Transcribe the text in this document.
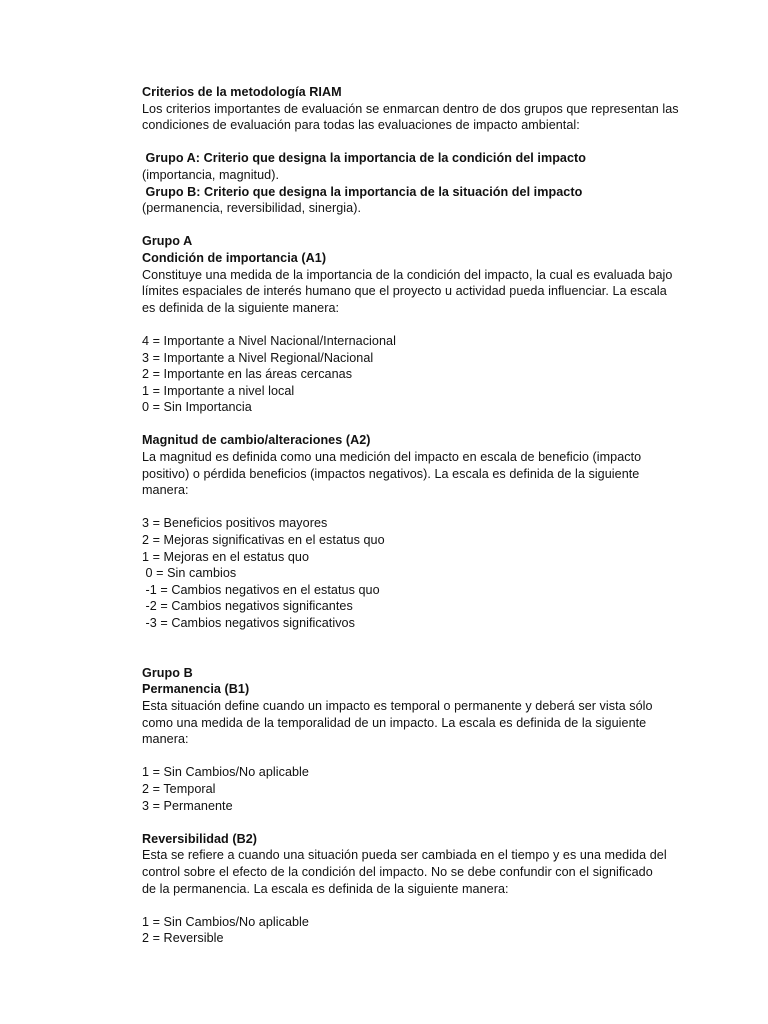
Criterios de la metodología RIAM
Los criterios importantes de evaluación se enmarcan dentro de dos grupos que representan las
condiciones de evaluación para todas las evaluaciones de impacto ambiental:
Grupo A: Criterio que designa la importancia de la condición del impacto
(importancia, magnitud).
Grupo B: Criterio que designa la importancia de la situación del impacto
(permanencia, reversibilidad, sinergia).
Grupo A
Condición de importancia (A1)
Constituye una medida de la importancia de la condición del impacto, la cual es evaluada bajo
límites espaciales de interés humano que el proyecto u actividad pueda influenciar. La escala
es definida de la siguiente manera:
4 = Importante a Nivel Nacional/Internacional
3 = Importante a Nivel Regional/Nacional
2 = Importante en las áreas cercanas
1 = Importante a nivel local
0 = Sin Importancia
Magnitud de cambio/alteraciones (A2)
La magnitud es definida como una medición del impacto en escala de beneficio (impacto
positivo) o pérdida beneficios (impactos negativos). La escala es definida de la siguiente
manera:
3 = Beneficios positivos mayores
2 = Mejoras significativas en el estatus quo
1 = Mejoras en el estatus quo
0 = Sin cambios
-1 = Cambios negativos en el estatus quo
-2 = Cambios negativos significantes
-3 = Cambios negativos significativos
Grupo B
Permanencia (B1)
Esta situación define cuando un impacto es temporal o permanente y deberá ser vista sólo
como una medida de la temporalidad de un impacto. La escala es definida de la siguiente
manera:
1 = Sin Cambios/No aplicable
2 = Temporal
3 = Permanente
Reversibilidad (B2)
Esta se refiere a cuando una situación pueda ser cambiada en el tiempo y es una medida del
control sobre el efecto de la condición del impacto. No se debe confundir con el significado
de la permanencia. La escala es definida de la siguiente manera:
1 = Sin Cambios/No aplicable
2 = Reversible
